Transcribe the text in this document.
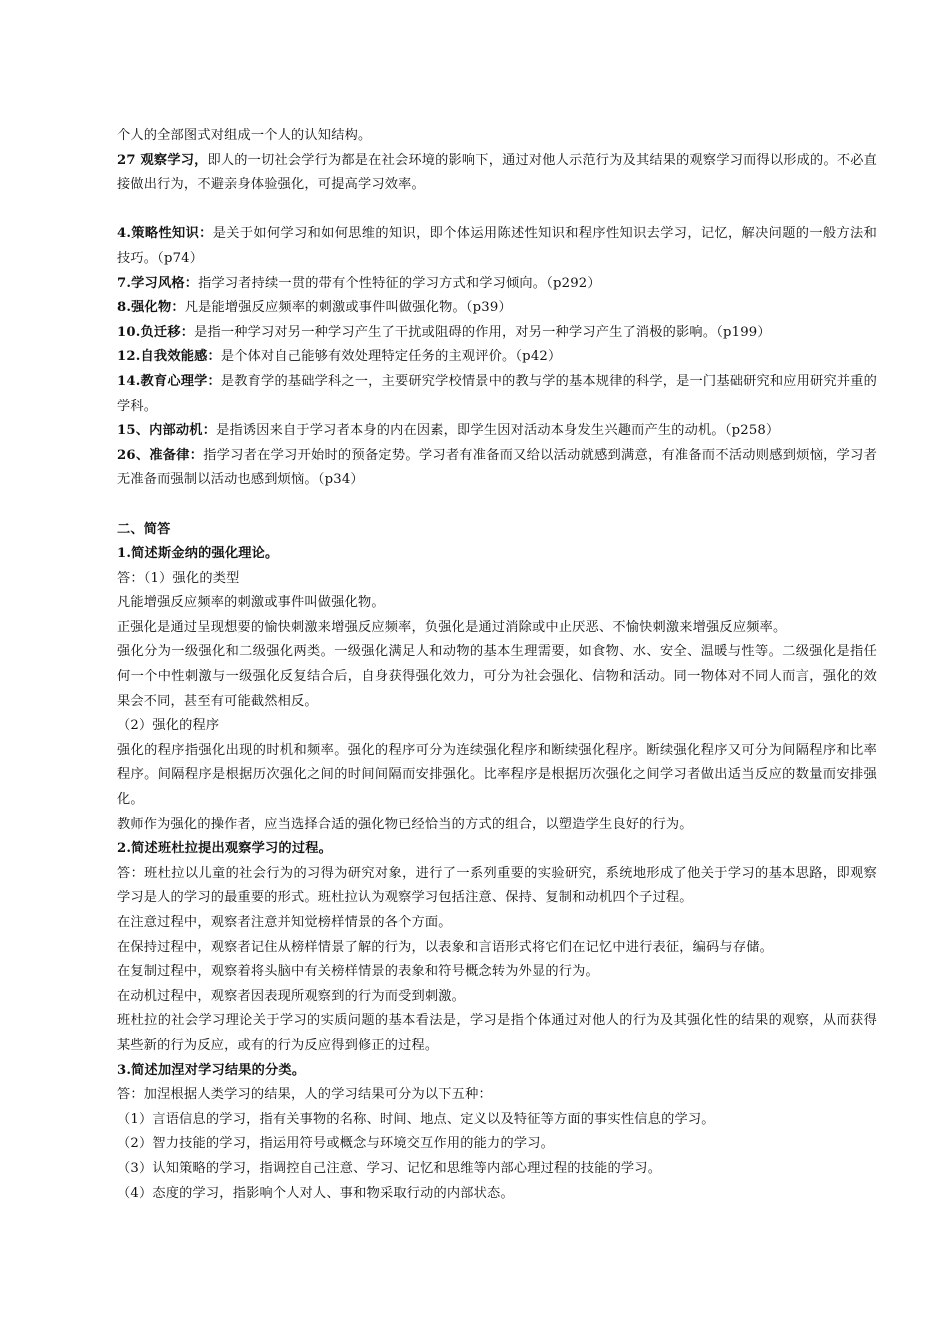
个人的全部图式对组成一个人的认知结构。

27 观察学习，即人的一切社会学行为都是在社会环境的影响下，通过对他人示范行为及其结果的观察学习而得以形成的。不必直接做出行为，不避亲身体验强化，可提高学习效率。

4.策略性知识：是关于如何学习和如何思维的知识，即个体运用陈述性知识和程序性知识去学习，记忆，解决问题的一般方法和技巧。（p74）

7.学习风格：指学习者持续一贯的带有个性特征的学习方式和学习倾向。（p292）

8.强化物：凡是能增强反应频率的刺激或事件叫做强化物。（p39）

10.负迁移：是指一种学习对另一种学习产生了干扰或阻碍的作用，对另一种学习产生了消极的影响。（p199）

12.自我效能感：是个体对自己能够有效处理特定任务的主观评价。（p42）

14.教育心理学：是教育学的基础学科之一，主要研究学校情景中的教与学的基本规律的科学，是一门基础研究和应用研究并重的学科。

15、内部动机：是指诱因来自于学习者本身的内在因素，即学生因对活动本身发生兴趣而产生的动机。（p258）

26、准备律：指学习者在学习开始时的预备定势。学习者有准备而又给以活动就感到满意，有准备而不活动则感到烦恼，学习者无准备而强制以活动也感到烦恼。（p34）

二、简答

1.简述斯金纳的强化理论。

答：（1）强化的类型

凡能增强反应频率的刺激或事件叫做强化物。

正强化是通过呈现想要的愉快刺激来增强反应频率，负强化是通过消除或中止厌恶、不愉快刺激来增强反应频率。

强化分为一级强化和二级强化两类。一级强化满足人和动物的基本生理需要，如食物、水、安全、温暖与性等。二级强化是指任何一个中性刺激与一级强化反复结合后，自身获得强化效力，可分为社会强化、信物和活动。同一物体对不同人而言，强化的效果会不同，甚至有可能截然相反。

（2）强化的程序

强化的程序指强化出现的时机和频率。强化的程序可分为连续强化程序和断续强化程序。断续强化程序又可分为间隔程序和比率程序。间隔程序是根据历次强化之间的时间间隔而安排强化。比率程序是根据历次强化之间学习者做出适当反应的数量而安排强化。

教师作为强化的操作者，应当选择合适的强化物已经恰当的方式的组合，以塑造学生良好的行为。

2.简述班杜拉提出观察学习的过程。

答：班杜拉以儿童的社会行为的习得为研究对象，进行了一系列重要的实验研究，系统地形成了他关于学习的基本思路，即观察学习是人的学习的最重要的形式。班杜拉认为观察学习包括注意、保持、复制和动机四个子过程。

在注意过程中，观察者注意并知觉榜样情景的各个方面。

在保持过程中，观察者记住从榜样情景了解的行为，以表象和言语形式将它们在记忆中进行表征，编码与存储。

在复制过程中，观察着将头脑中有关榜样情景的表象和符号概念转为外显的行为。

在动机过程中，观察者因表现所观察到的行为而受到刺激。

班杜拉的社会学习理论关于学习的实质问题的基本看法是，学习是指个体通过对他人的行为及其强化性的结果的观察，从而获得某些新的行为反应，或有的行为反应得到修正的过程。

3.简述加涅对学习结果的分类。

答：加涅根据人类学习的结果，人的学习结果可分为以下五种：

（1）言语信息的学习，指有关事物的名称、时间、地点、定义以及特征等方面的事实性信息的学习。

（2）智力技能的学习，指运用符号或概念与环境交互作用的能力的学习。

（3）认知策略的学习，指调控自己注意、学习、记忆和思维等内部心理过程的技能的学习。

（4）态度的学习，指影响个人对人、事和物采取行动的内部状态。
